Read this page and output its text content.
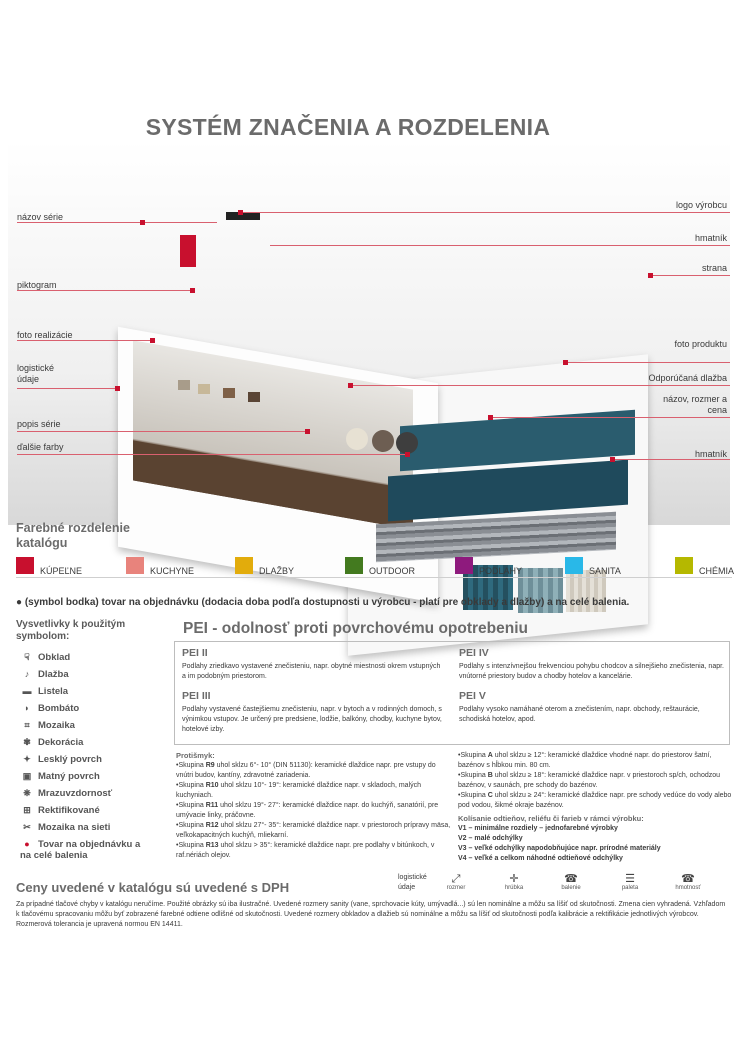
SYSTÉM ZNAČENIA A ROZDELENIA
názov série
piktogram
foto realizácie
logistické údaje
popis série
ďalšie farby
logo výrobcu
hmatník
strana
foto produktu
Odporúčaná dlažba
názov, rozmer a cena
hmatník
Farebné rozdelenie katalógu
KÚPEĽNE	KUCHYNE	DLAŽBY	OUTDOOR	PODLAHY	SANITA	CHÉMIA
● (symbol bodka) tovar na objednávku (dodacia doba podľa dostupnosti u výrobcu - platí pre obklady a dlažby) a na celé balenia.
Vysvetlivky k použitým symbolom:
☟ Obklad
♪ Dlažba
▬ Listela
◗ Bombáto
⌗ Mozaika
✾ Dekorácia
✦ Lesklý povrch
▣ Matný povrch
❋ Mrazuvzdornosť
⊞ Rektifikované
✂ Mozaika na sieti
● Tovar na objednávku a na celé balenia
PEI - odolnosť proti povrchovému opotrebeniu
PEI II
Podlahy zriedkavo vystavené znečisteniu, napr. obytné miestnosti okrem vstupných a im podobným priestorom.
PEI III
Podlahy vystavené častejšiemu znečisteniu, napr. v bytoch a v rodinných domoch, s výnimkou vstupov. Je určený pre predsiene, lodžie, balkóny, chodby, kuchyne bytov, hotelové izby.
PEI IV
Podlahy s intenzívnejšou frekvenciou pohybu chodcov a silnejšieho znečistenia, napr. vnútorné priestory budov a chodby hotelov a kancelárie.
PEI V
Podlahy vysoko namáhané oterom a znečistením, napr. obchody, reštaurácie, schodiská hotelov, apod.
Protišmyk:
•Skupina R9 uhol sklzu 6°- 10° (DIN 51130): keramické dlaždice napr. pre vstupy do vnútri budov, kantíny, zdravotné zariadenia.
•Skupina R10 uhol sklzu 10°- 19°: keramické dlaždice napr. v skladoch, malých kuchyniach.
•Skupina R11 uhol sklzu 19°- 27°: keramické dlaždice napr. do kuchýň, sanatórií, pre umývacie linky, práčovne.
•Skupina R12 uhol sklzu 27°- 35°: keramické dlaždice napr. v priestoroch prípravy mäsa, veľkokapacitných kuchýň, mliekarní.
•Skupina R13 uhol sklzu > 35°: keramické dlaždice napr. pre podlahy v bitúnkoch, v raf.nériách olejov.
•Skupina A uhol sklzu ≥ 12°: keramické dlaždice vhodné napr. do priestorov šatní, bazénov s hĺbkou min. 80 cm.
•Skupina B uhol sklzu ≥ 18°: keramické dlaždice napr. v priestoroch sp/ch, ochodzou bazénov, v saunách, pre schody do bazénov.
•Skupina C uhol sklzu ≥ 24°: keramické dlaždice napr. pre schody vedúce do vody alebo pod vodou, šikmé okraje bazénov.
Kolísanie odtieňov, reliéfu či farieb v rámci výrobku:
V1 – minimálne rozdiely – jednofarebné výrobky
V2 – malé odchýlky
V3 – veľké odchýlky napodobňujúce napr. prírodné materiály
V4 – veľké a celkom náhodné odtieňové odchýlky
logistické údaje
⤢
rozmer
✛
hrúbka
☎
balenie
☰
paleta
☎
hmotnosť
Ceny uvedené v katalógu sú uvedené s DPH
Za prípadné tlačové chyby v katalógu neručíme. Použité obrázky sú iba ilustračné. Uvedené rozmery sanity (vane, sprchovacie kúty, umývadlá...) sú len nominálne a môžu sa líšiť od skutočnosti. Zmena cien vyhradená. Vzhľadom k tlačovému spracovaniu môžu byť zobrazené farebné odtiene odlišné od skutočnosti. Uvedené rozmery obkladov a dlažieb sú nominálne a môžu sa líšiť od skutočnosti podľa kalibrácie a rektifikácie jednotlivých výrobcov. Rozmerová tolerancia je upravená normou EN 14411.
